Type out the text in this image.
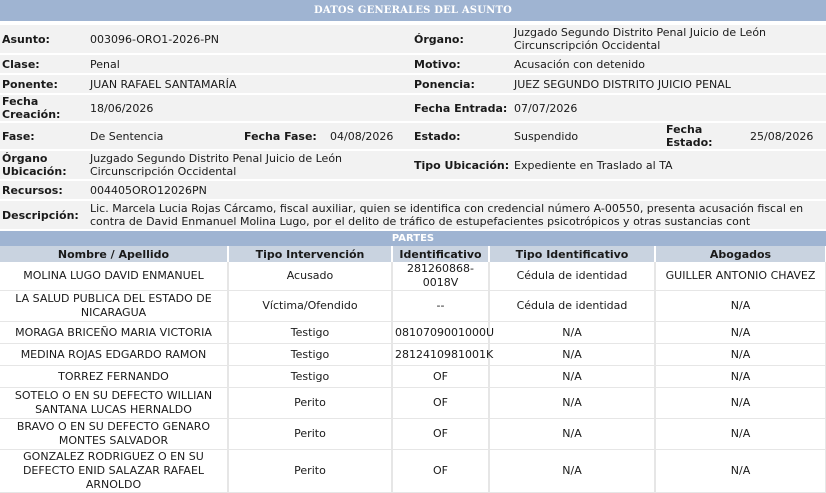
DATOS GENERALES DEL ASUNTO
Asunto:	003096-ORO1-2026-PN			Órgano:	Juzgado Segundo Distrito Penal Juicio de León Circunscripción Occidental		
Clase:	Penal			Motivo:	Acusación con detenido		
Ponente:	JUAN RAFAEL SANTAMARÍA			Ponencia:	JUEZ SEGUNDO DISTRITO JUICIO PENAL		
Fecha Creación:	18/06/2026			Fecha Entrada:	07/07/2026		
Fase:	De Sentencia	Fecha Fase:	04/08/2026	Estado:	Suspendido	Fecha Estado:	25/08/2026
Órgano Ubicación:	Juzgado Segundo Distrito Penal Juicio de León Circunscripción Occidental			Tipo Ubicación:	Expediente en Traslado al TA		
Recursos:	004405ORO12026PN						
Descripción:	Lic. Marcela Lucia Rojas Cárcamo, fiscal auxiliar, quien se identifica con credencial número A-00550, presenta acusación fiscal en contra de David Enmanuel Molina Lugo, por el delito de tráfico de estupefacientes psicotrópicos y otras sustancias cont						
PARTES
Nombre / Apellido	Tipo Intervención	Identificativo	Tipo Identificativo	Abogados
MOLINA LUGO DAVID ENMANUEL	Acusado	281260868-0018V	Cédula de identidad	GUILLER ANTONIO CHAVEZ
LA SALUD PUBLICA DEL ESTADO DE NICARAGUA	Víctima/Ofendido	--	Cédula de identidad	N/A
MORAGA BRICEÑO MARIA VICTORIA	Testigo	0810709001000U	N/A	N/A
MEDINA ROJAS EDGARDO RAMON	Testigo	2812410981001K	N/A	N/A
TORREZ FERNANDO	Testigo	OF	N/A	N/A
SOTELO O EN SU DEFECTO WILLIAN SANTANA LUCAS HERNALDO	Perito	OF	N/A	N/A
BRAVO O EN SU DEFECTO GENARO MONTES SALVADOR	Perito	OF	N/A	N/A
GONZALEZ RODRIGUEZ O EN SU DEFECTO ENID SALAZAR RAFAEL ARNOLDO	Perito	OF	N/A	N/A
